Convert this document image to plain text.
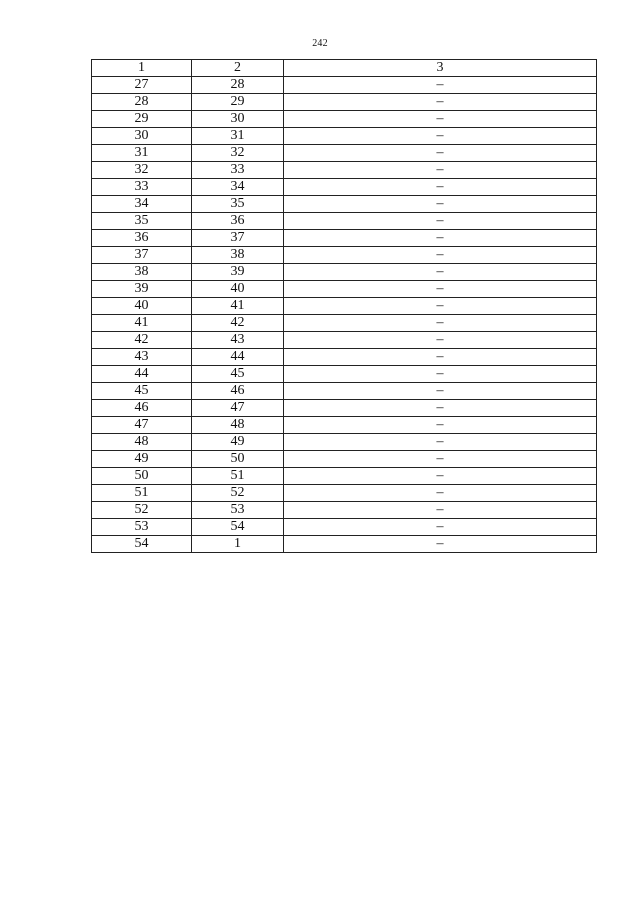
242
1	2	3
27	28	–
28	29	–
29	30	–
30	31	–
31	32	–
32	33	–
33	34	–
34	35	–
35	36	–
36	37	–
37	38	–
38	39	–
39	40	–
40	41	–
41	42	–
42	43	–
43	44	–
44	45	–
45	46	–
46	47	–
47	48	–
48	49	–
49	50	–
50	51	–
51	52	–
52	53	–
53	54	–
54	1	–
